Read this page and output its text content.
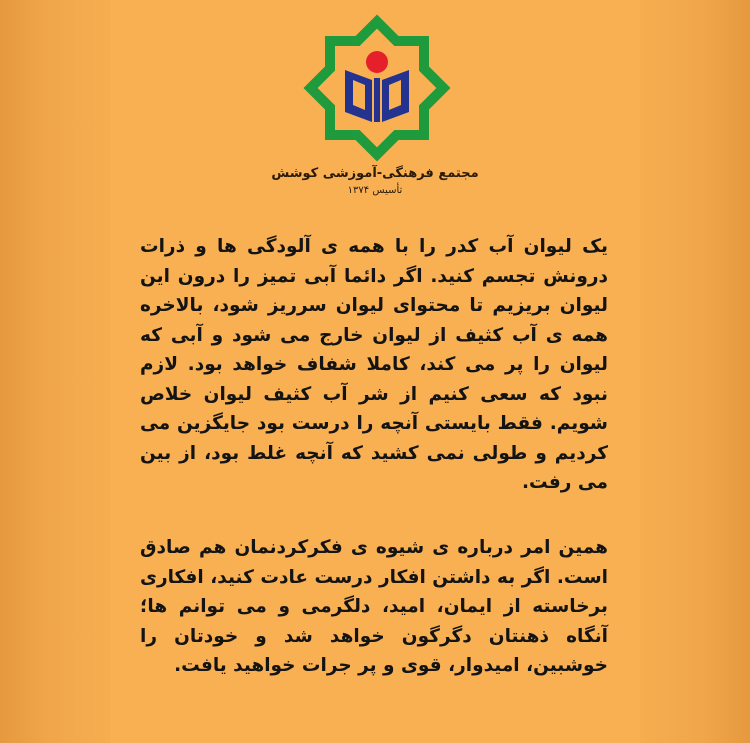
مجتمع فرهنگی-آموزشی کوشش

تأسیس ۱۳۷۴

یک لیوان آب کدر را با همه ی آلودگی ها و ذرات درونش تجسم کنید. اگر دائما آبی تمیز را درون این لیوان بریزیم تا محتوای لیوان سرریز شود، بالاخره همه ی آب کثیف از لیوان خارج می شود و آبی که لیوان را پر می کند، کاملا شفاف خواهد بود. لازم نبود که سعی کنیم از شر آب کثیف لیوان خلاص شویم. فقط بایستی آنچه را درست بود جایگزین می کردیم و طولی نمی کشید که آنچه غلط بود، از بین می رفت.

همین امر درباره ی شیوه ی فکرکردنمان هم صادق است. اگر به داشتن افکار درست عادت کنید، افکاری برخاسته از ایمان، امید، دلگرمی و می توانم ها؛ آنگاه ذهنتان دگرگون خواهد شد و خودتان را خوشبین، امیدوار، قوی و پر جرات خواهید یافت.
